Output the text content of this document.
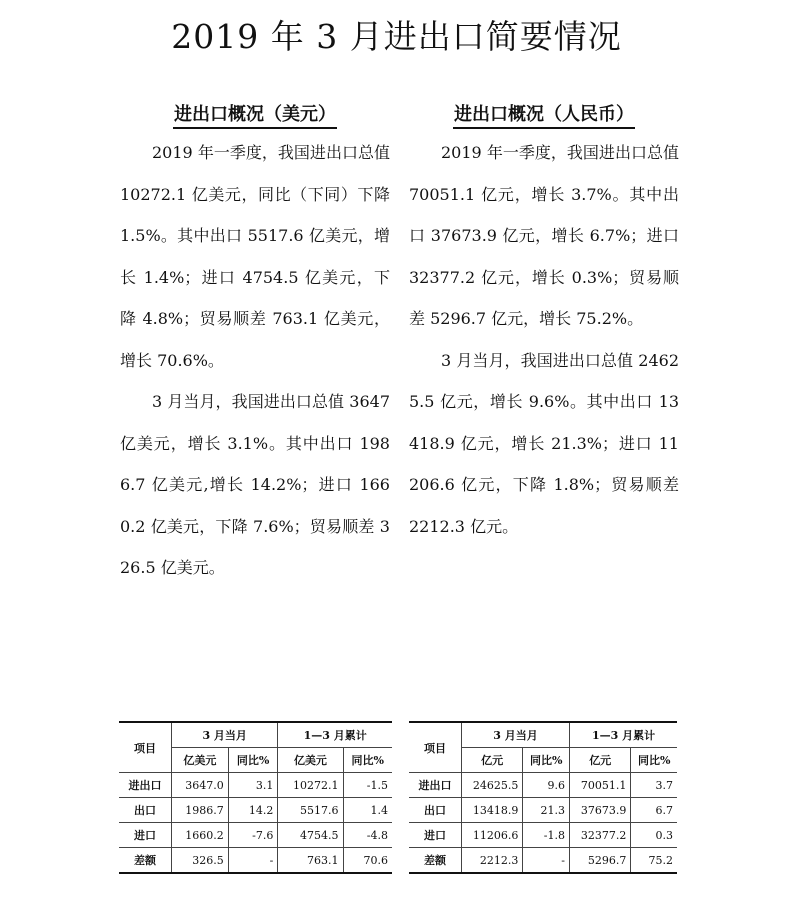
2019 年 3 月进出口简要情况
进出口概况（美元）

2019 年一季度，我国进出口总值 10272.1 亿美元，同比（下同）下降 1.5%。其中出口 5517.6 亿美元，增长 1.4%；进口 4754.5 亿美元，下降 4.8%；贸易顺差 763.1 亿美元，增长 70.6%。

3 月当月，我国进出口总值 3647 亿美元，增长 3.1%。其中出口 1986.7 亿美元,增长 14.2%；进口 1660.2 亿美元，下降 7.6%；贸易顺差 326.5 亿美元。

进出口概况（人民币）

2019 年一季度，我国进出口总值 70051.1 亿元，增长 3.7%。其中出口 37673.9 亿元，增长 6.7%；进口 32377.2 亿元，增长 0.3%；贸易顺差 5296.7 亿元，增长 75.2%。

3 月当月，我国进出口总值 24625.5 亿元，增长 9.6%。其中出口 13418.9 亿元，增长 21.3%；进口 11206.6 亿元，下降 1.8%；贸易顺差 2212.3 亿元。

项目	3 月当月		1—3 月累计	
	亿美元	同比%	亿美元	同比%
进出口	3647.0	3.1	10272.1	-1.5
出口	1986.7	14.2	5517.6	1.4
进口	1660.2	-7.6	4754.5	-4.8
差额	326.5	-	763.1	70.6
项目	3 月当月		1—3 月累计	
	亿元	同比%	亿元	同比%
进出口	24625.5	9.6	70051.1	3.7
出口	13418.9	21.3	37673.9	6.7
进口	11206.6	-1.8	32377.2	0.3
差额	2212.3	-	5296.7	75.2
